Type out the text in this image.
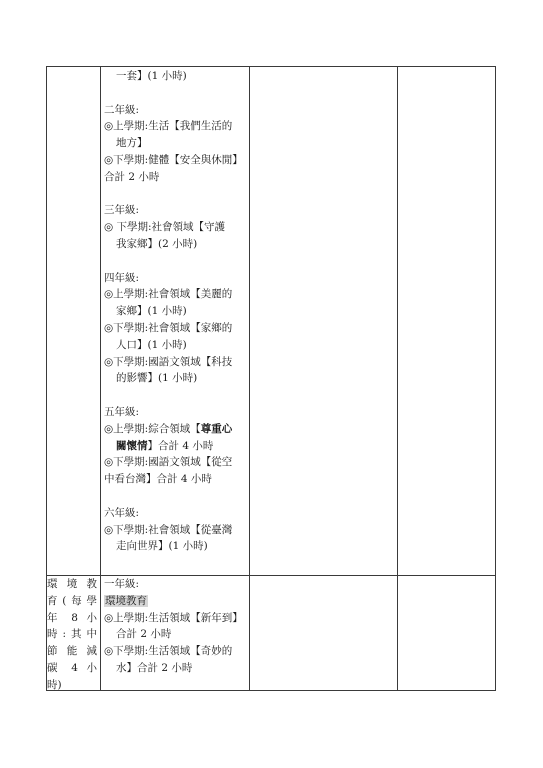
一套】(1 小時)
二年級:
◎上學期:生活【我們生活的
地方】
◎下學期:健體【安全與休閒】
合計 2 小時
三年級:
◎ 下學期:社會領域【守護
我家鄉】(2 小時)
四年級:
◎上學期:社會領域【美麗的
家鄉】(1 小時)
◎下學期:社會領域【家鄉的
人口】(1 小時)
◎下學期:國語文領域【科技
的影響】(1 小時)
五年級:
◎上學期:綜合領域【尊重心
關懷情】合計 4 小時
◎下學期:國語文領域【從空
中看台灣】合計 4 小時
六年級:
◎下學期:社會領域【從臺灣
走向世界】(1 小時)
環 境 教
育(每學
年 8 小
時:其中
節 能 減
碳 4 小
時)
一年級:
環境教育
◎上學期:生活領域【新年到】
合計 2 小時
◎下學期:生活領域【奇妙的
水】合計 2 小時
